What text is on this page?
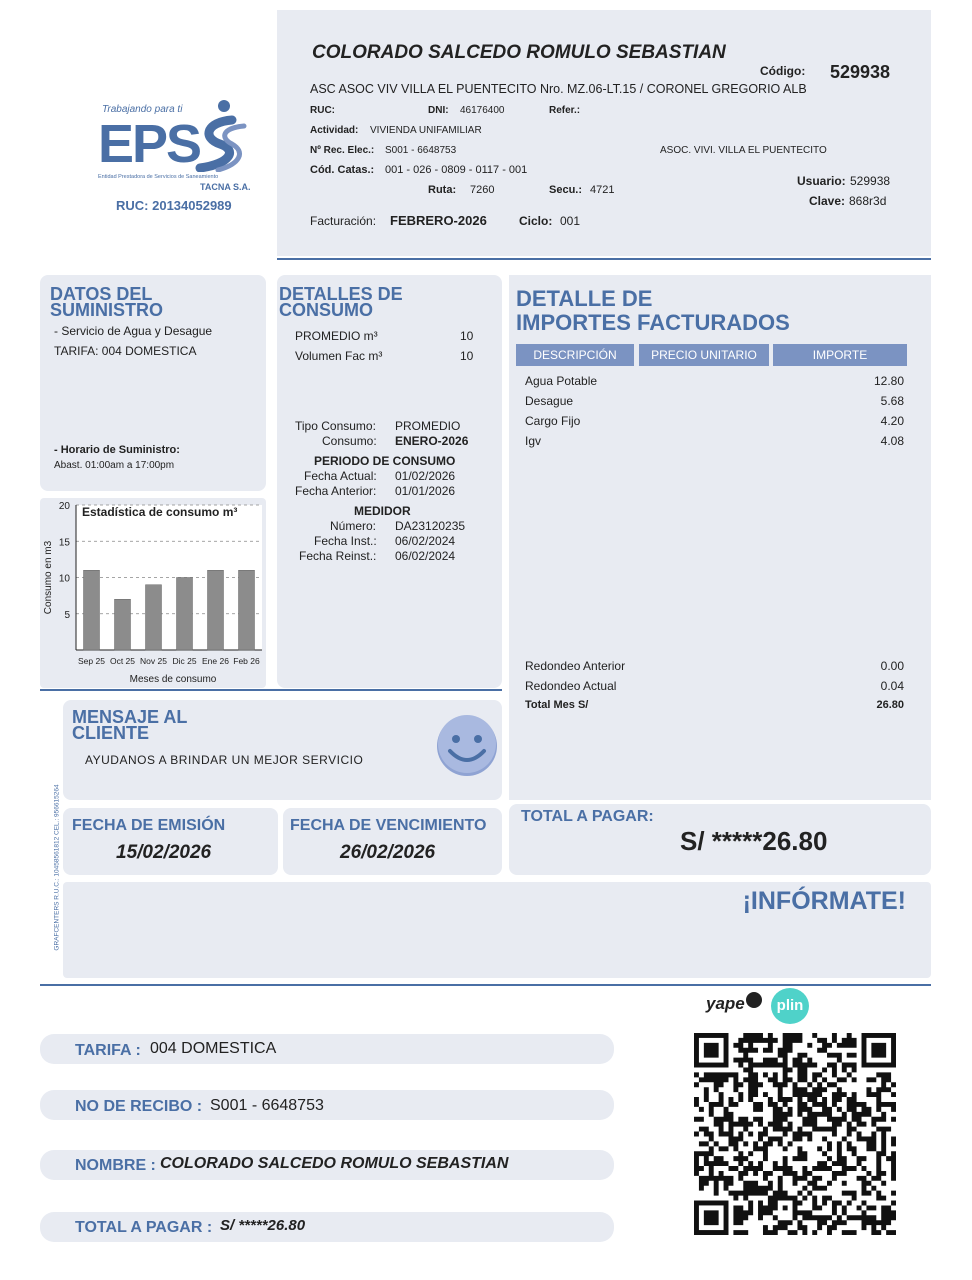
Trabajando para ti
EPS
Entidad Prestadora de Servicios de Saneamiento
TACNA S.A.
RUC: 20134052989
COLORADO SALCEDO ROMULO SEBASTIAN
Código: 529938
ASC ASOC VIV VILLA EL PUENTECITO Nro. MZ.06-LT.15 / CORONEL GREGORIO ALB
RUC:	DNI: 46176400	Refer.:
Actividad: VIVIENDA UNIFAMILIAR
Nº Rec. Elec.: S001 - 6648753	ASOC. VIVI. VILLA EL PUENTECITO
Cód. Catas.: 001 - 026 - 0809 - 0117 - 001
Ruta: 7260	Secu.: 4721
Usuario: 529938
Clave: 868r3d
Facturación: FEBRERO-2026	Ciclo: 001
DATOS DEL
SUMINISTRO
- Servicio de Agua y Desague
TARIFA: 004 DOMESTICA
- Horario de Suministro:
Abast. 01:00am a 17:00pm
5
10
15
20
Sep 25 Oct 25 Nov 25 Dic 25 Ene 26 Feb 26
Estadística de consumo m³
Meses de consumo
Consumo en m3
DETALLES DE
CONSUMO
PROMEDIO m³	10
Volumen Fac m³	10
Tipo Consumo: PROMEDIO
Consumo: ENERO-2026
PERIODO DE CONSUMO
Fecha Actual: 01/02/2026
Fecha Anterior: 01/01/2026
MEDIDOR
Número: DA23120235
Fecha Inst.: 06/02/2024
Fecha Reinst.: 06/02/2024
DETALLE DE
IMPORTES FACTURADOS
DESCRIPCIÓN	PRECIO UNITARIO	IMPORTE
Agua Potable	12.80
Desague	5.68
Cargo Fijo	4.20
Igv	4.08
Redondeo Anterior	0.00
Redondeo Actual	0.04
Total Mes S/	26.80
MENSAJE AL
CLIENTE
AYUDANOS A BRINDAR UN MEJOR SERVICIO
FECHA DE EMISIÓN
15/02/2026
FECHA DE VENCIMIENTO
26/02/2026
TOTAL A PAGAR:
S/ *****26.80
¡INFÓRMATE!
GRAFCENTERS R.U.C.: 10458561812 CEL.: 956615264
yape	plin
TARIFA : 004 DOMESTICA
NO DE RECIBO : S001 - 6648753
NOMBRE : COLORADO SALCEDO ROMULO SEBASTIAN
TOTAL A PAGAR : S/ *****26.80
